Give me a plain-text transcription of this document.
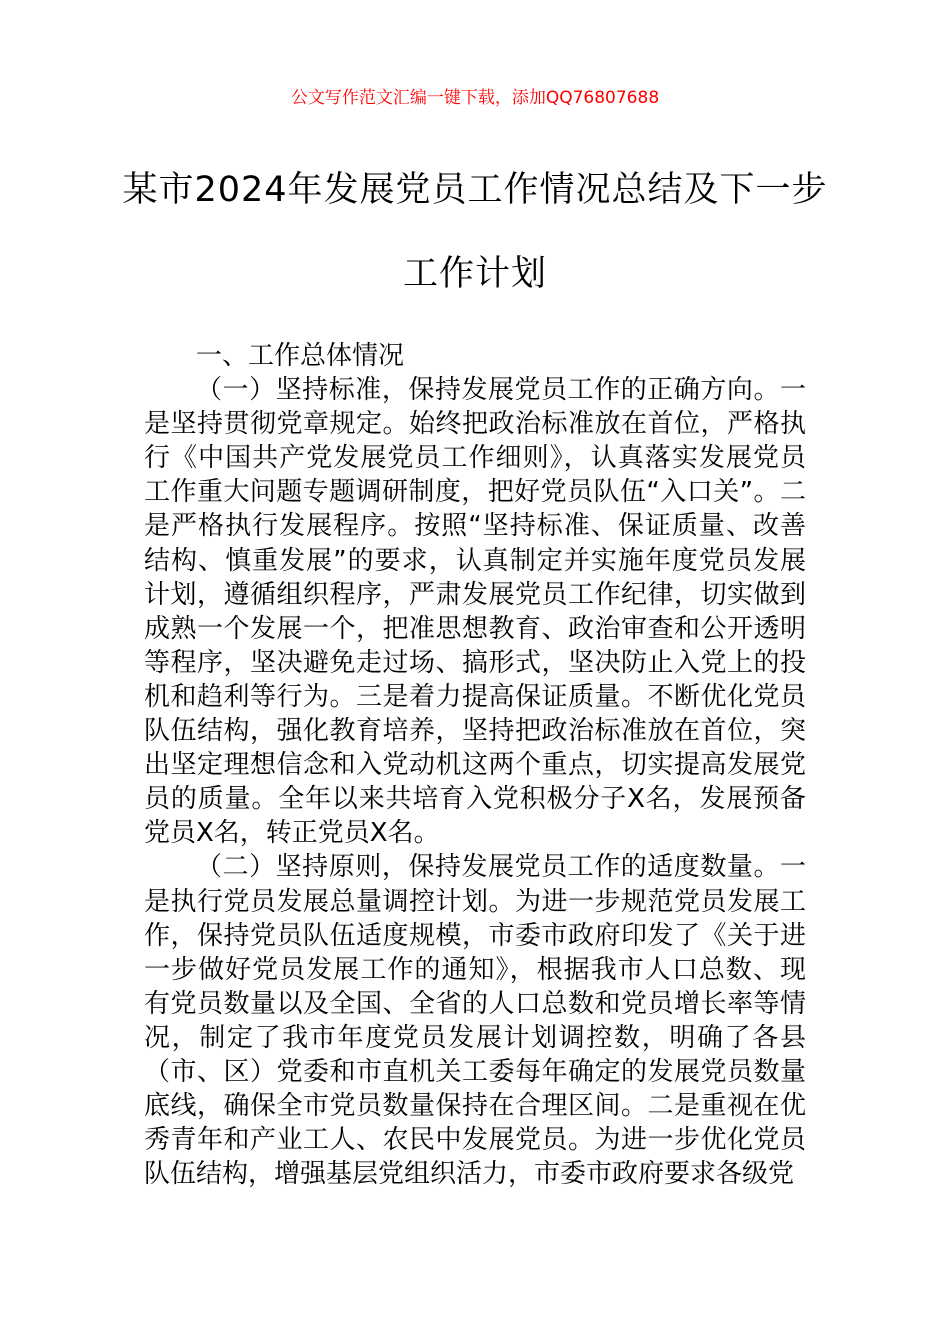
公文写作范文汇编一键下载，添加QQ76807688
某市2024年发展党员工作情况总结及下一步工作计划

一、工作总体情况

（一）坚持标准，保持发展党员工作的正确方向。一是坚持贯彻党章规定。始终把政治标准放在首位，严格执行《中国共产党发展党员工作细则》，认真落实发展党员工作重大问题专题调研制度，把好党员队伍“入口关”。二是严格执行发展程序。按照“坚持标准、保证质量、改善结构、慎重发展”的要求，认真制定并实施年度党员发展计划，遵循组织程序，严肃发展党员工作纪律，切实做到成熟一个发展一个，把准思想教育、政治审查和公开透明等程序，坚决避免走过场、搞形式，坚决防止入党上的投机和趋利等行为。三是着力提高保证质量。不断优化党员队伍结构，强化教育培养，坚持把政治标准放在首位，突出坚定理想信念和入党动机这两个重点，切实提高发展党员的质量。全年以来共培育入党积极分子X名，发展预备党员X名，转正党员X名。

（二）坚持原则，保持发展党员工作的适度数量。一是执行党员发展总量调控计划。为进一步规范党员发展工作，保持党员队伍适度规模，市委市政府印发了《关于进一步做好党员发展工作的通知》，根据我市人口总数、现有党员数量以及全国、全省的人口总数和党员增长率等情况，制定了我市年度党员发展计划调控数，明确了各县（市、区）党委和市直机关工委每年确定的发展党员数量底线，确保全市党员数量保持在合理区间。二是重视在优秀青年和产业工人、农民中发展党员。为进一步优化党员队伍结构，增强基层党组织活力，市委市政府要求各级党
